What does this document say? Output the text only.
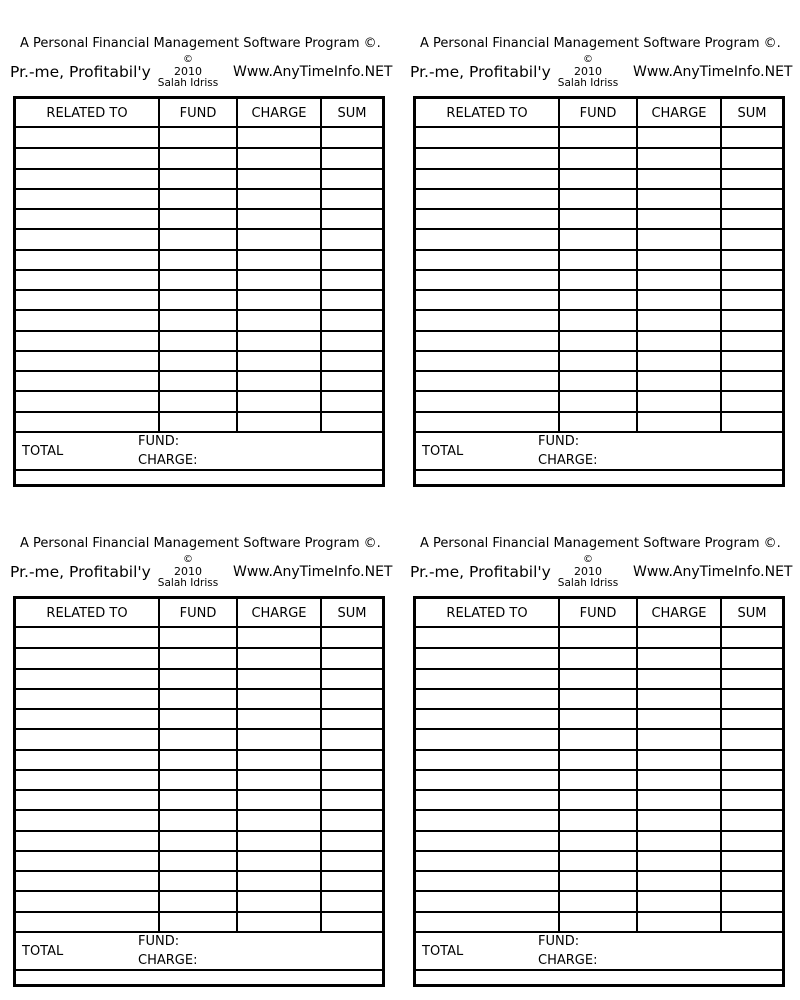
A Personal Financial Management Software Program ©.
Pr.-me, Profitabil'y
©
2010
Salah Idriss
Www.AnyTimeInfo.NET
RELATED TO	FUND	CHARGE	SUM
TOTAL
FUND:
CHARGE:
A Personal Financial Management Software Program ©.
Pr.-me, Profitabil'y
©
2010
Salah Idriss
Www.AnyTimeInfo.NET
RELATED TO	FUND	CHARGE	SUM
TOTAL
FUND:
CHARGE:
A Personal Financial Management Software Program ©.
Pr.-me, Profitabil'y
©
2010
Salah Idriss
Www.AnyTimeInfo.NET
RELATED TO	FUND	CHARGE	SUM
TOTAL
FUND:
CHARGE:
A Personal Financial Management Software Program ©.
Pr.-me, Profitabil'y
©
2010
Salah Idriss
Www.AnyTimeInfo.NET
RELATED TO	FUND	CHARGE	SUM
TOTAL
FUND:
CHARGE:
